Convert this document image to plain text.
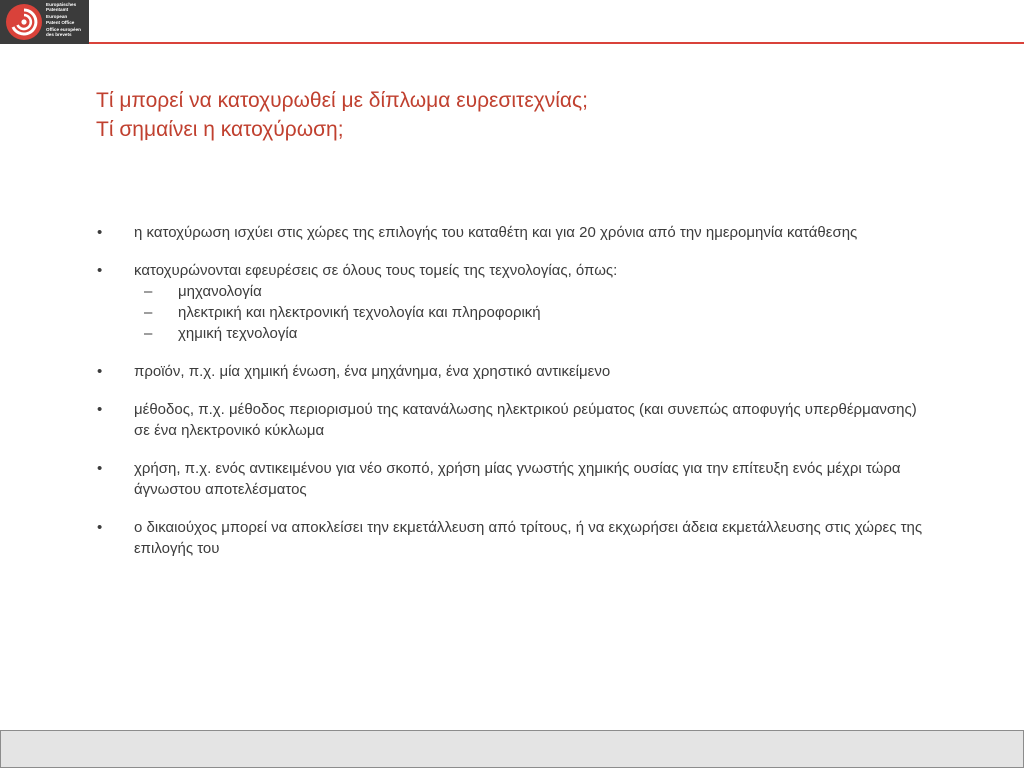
Europäisches
Patentamt
European
Patent Office
Office européen
des brevets
Τί μπορεί να κατοχυρωθεί με δίπλωμα ευρεσιτεχνίας;
Τί σημαίνει η κατοχύρωση;
• η κατοχύρωση ισχύει στις χώρες της επιλογής του καταθέτη και για 20 χρόνια από την ημερομηνία κατάθεσης
• κατοχυρώνονται εφευρέσεις σε όλους τους τομείς της τεχνολογίας, όπως:
– μηχανολογία
– ηλεκτρική και ηλεκτρονική τεχνολογία και πληροφορική
– χημική τεχνολογία
• προϊόν, π.χ. μία χημική ένωση, ένα μηχάνημα, ένα χρηστικό αντικείμενο
• μέθοδος, π.χ. μέθοδος περιορισμού της κατανάλωσης ηλεκτρικού ρεύματος (και συνεπώς αποφυγής υπερθέρμανσης) σε ένα ηλεκτρονικό κύκλωμα
• χρήση, π.χ. ενός αντικειμένου για νέο σκοπό, χρήση μίας γνωστής χημικής ουσίας για την επίτευξη ενός μέχρι τώρα άγνωστου αποτελέσματος
• ο δικαιούχος μπορεί να αποκλείσει την εκμετάλλευση από τρίτους, ή να εκχωρήσει άδεια εκμετάλλευσης στις χώρες της επιλογής του
